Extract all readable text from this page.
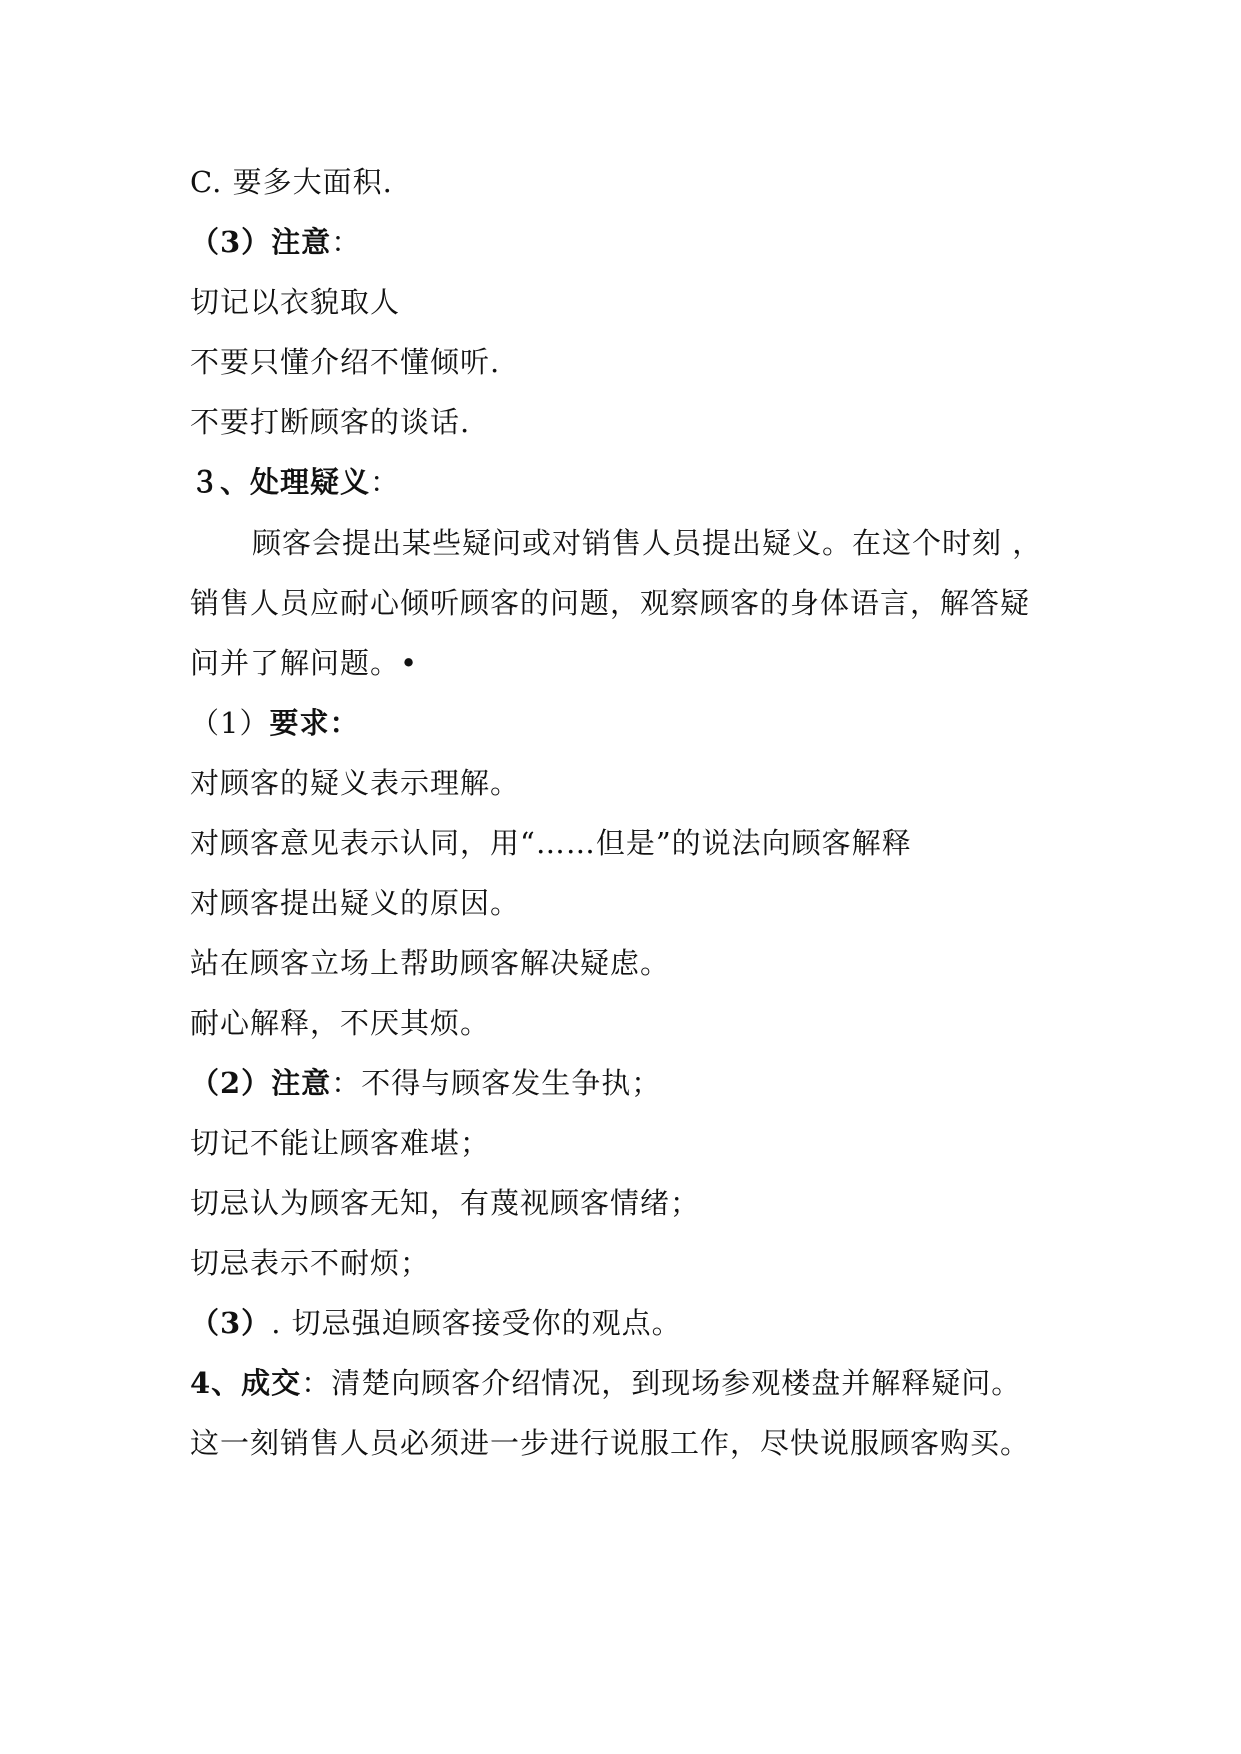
C. 要多大面积.
（3）注意：
切记以衣貌取人
不要只懂介绍不懂倾听.
不要打断顾客的谈话.
３、处理疑义：
顾客会提出某些疑问或对销售人员提出疑义。在这个时刻 ，
销售人员应耐心倾听顾客的问题，观察顾客的身体语言，解答疑
问并了解问题。•
（1）要求：
对顾客的疑义表示理解。
对顾客意见表示认同，用“……但是”的说法向顾客解释
对顾客提出疑义的原因。
站在顾客立场上帮助顾客解决疑虑。
耐心解释，不厌其烦。
（2）注意：不得与顾客发生争执；
切记不能让顾客难堪；
切忌认为顾客无知，有蔑视顾客情绪；
切忌表示不耐烦；
（3）. 切忌强迫顾客接受你的观点。
4、成交：清楚向顾客介绍情况，到现场参观楼盘并解释疑问。
这一刻销售人员必须进一步进行说服工作，尽快说服顾客购买。
